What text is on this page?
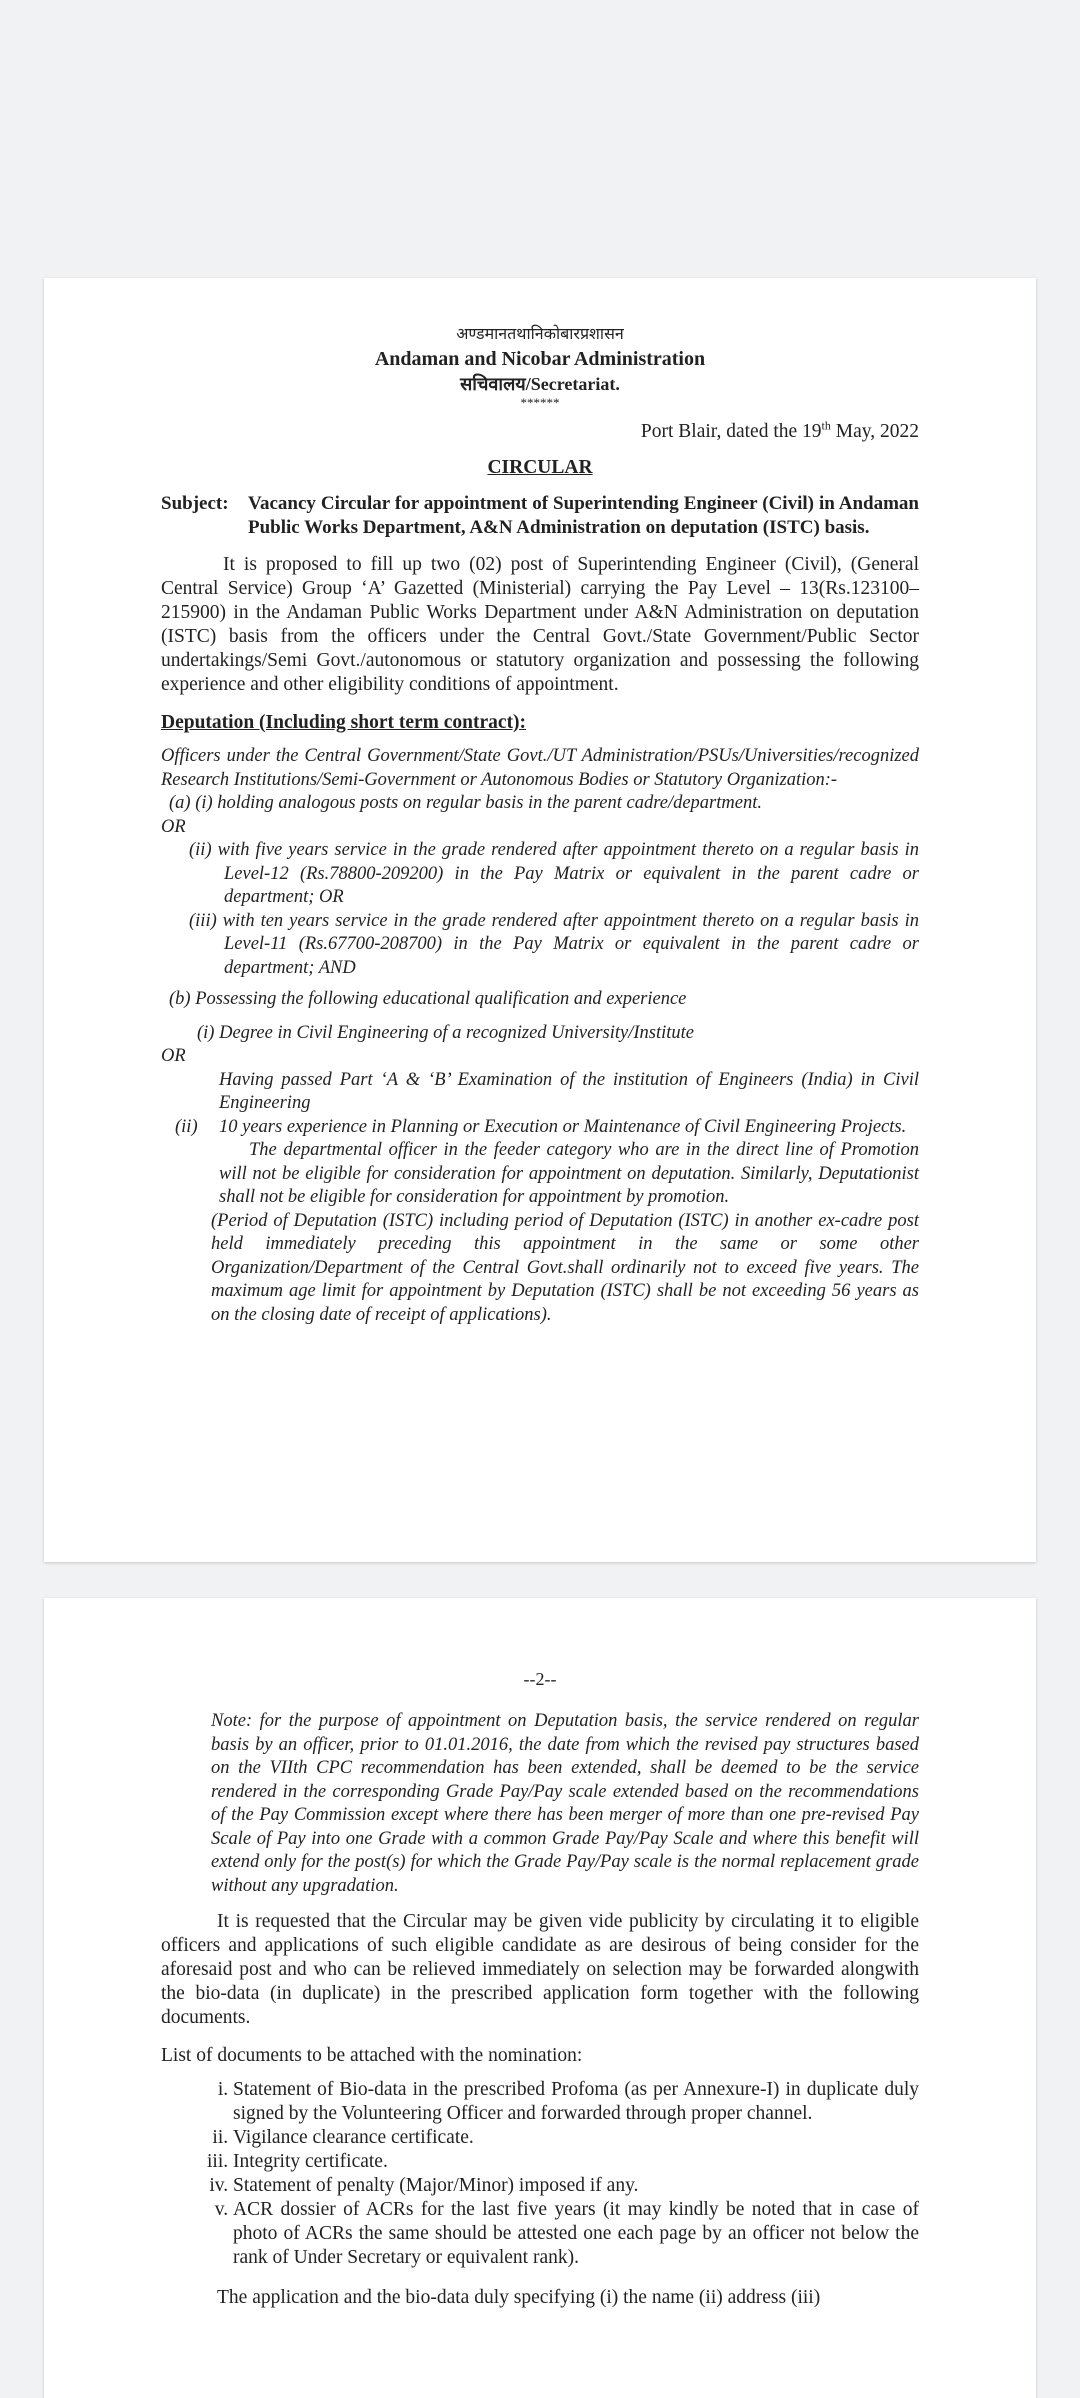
अण्डमानतथानिकोबारप्रशासन

Andaman and Nicobar Administration

सचिवालय/Secretariat.

******

Port Blair, dated the 19th May, 2022

CIRCULAR

Subject:	Vacancy Circular for appointment of Superintending Engineer (Civil) in Andaman Public Works Department, A&N Administration on deputation (ISTC) basis.

It is proposed to fill up two (02) post of Superintending Engineer (Civil), (General Central Service) Group ‘A’ Gazetted (Ministerial) carrying the Pay Level – 13(Rs.123100–215900) in the Andaman Public Works Department under A&N Administration on deputation (ISTC) basis from the officers under the Central Govt./State Government/Public Sector undertakings/Semi Govt./autonomous or statutory organization and possessing the following experience and other eligibility conditions of appointment.

Deputation (Including short term contract):

Officers under the Central Government/State Govt./UT Administration/PSUs/Universities/recognized Research Institutions/Semi-Government or Autonomous Bodies or Statutory Organization:-

(a) (i) holding analogous posts on regular basis in the parent cadre/department.

OR

(ii) with five years service in the grade rendered after appointment thereto on a regular basis in Level-12 (Rs.78800-209200) in the Pay Matrix or equivalent in the parent cadre or department; OR

(iii) with ten years service in the grade rendered after appointment thereto on a regular basis in Level-11 (Rs.67700-208700) in the Pay Matrix or equivalent in the parent cadre or department; AND

(b) Possessing the following educational qualification and experience

(i) Degree in Civil Engineering of a recognized University/Institute

OR

Having passed Part ‘A & ‘B’ Examination of the institution of Engineers (India) in Civil Engineering

(ii)	10 years experience in Planning or Execution or Maintenance of Civil Engineering Projects.

The departmental officer in the feeder category who are in the direct line of Promotion will not be eligible for consideration for appointment on deputation. Similarly, Deputationist shall not be eligible for consideration for appointment by promotion.

(Period of Deputation (ISTC) including period of Deputation (ISTC) in another ex-cadre post held immediately preceding this appointment in the same or some other Organization/Department of the Central Govt.shall ordinarily not to exceed five years. The maximum age limit for appointment by Deputation (ISTC) shall be not exceeding 56 years as on the closing date of receipt of applications).

--2--

Note: for the purpose of appointment on Deputation basis, the service rendered on regular basis by an officer, prior to 01.01.2016, the date from which the revised pay structures based on the VIIth CPC recommendation has been extended, shall be deemed to be the service rendered in the corresponding Grade Pay/Pay scale extended based on the recommendations of the Pay Commission except where there has been merger of more than one pre-revised Pay Scale of Pay into one Grade with a common Grade Pay/Pay Scale and where this benefit will extend only for the post(s) for which the Grade Pay/Pay scale is the normal replacement grade without any upgradation.

It is requested that the Circular may be given vide publicity by circulating it to eligible officers and applications of such eligible candidate as are desirous of being consider for the aforesaid post and who can be relieved immediately on selection may be forwarded alongwith the bio-data (in duplicate) in the prescribed application form together with the following documents.

List of documents to be attached with the nomination:

i. Statement of Bio-data in the prescribed Profoma (as per Annexure-I) in duplicate duly signed by the Volunteering Officer and forwarded through proper channel.
ii. Vigilance clearance certificate.
iii. Integrity certificate.
iv. Statement of penalty (Major/Minor) imposed if any.
v. ACR dossier of ACRs for the last five years (it may kindly be noted that in case of photo of ACRs the same should be attested one each page by an officer not below the rank of Under Secretary or equivalent rank).

The application and the bio-data duly specifying (i) the name (ii) address (iii)
